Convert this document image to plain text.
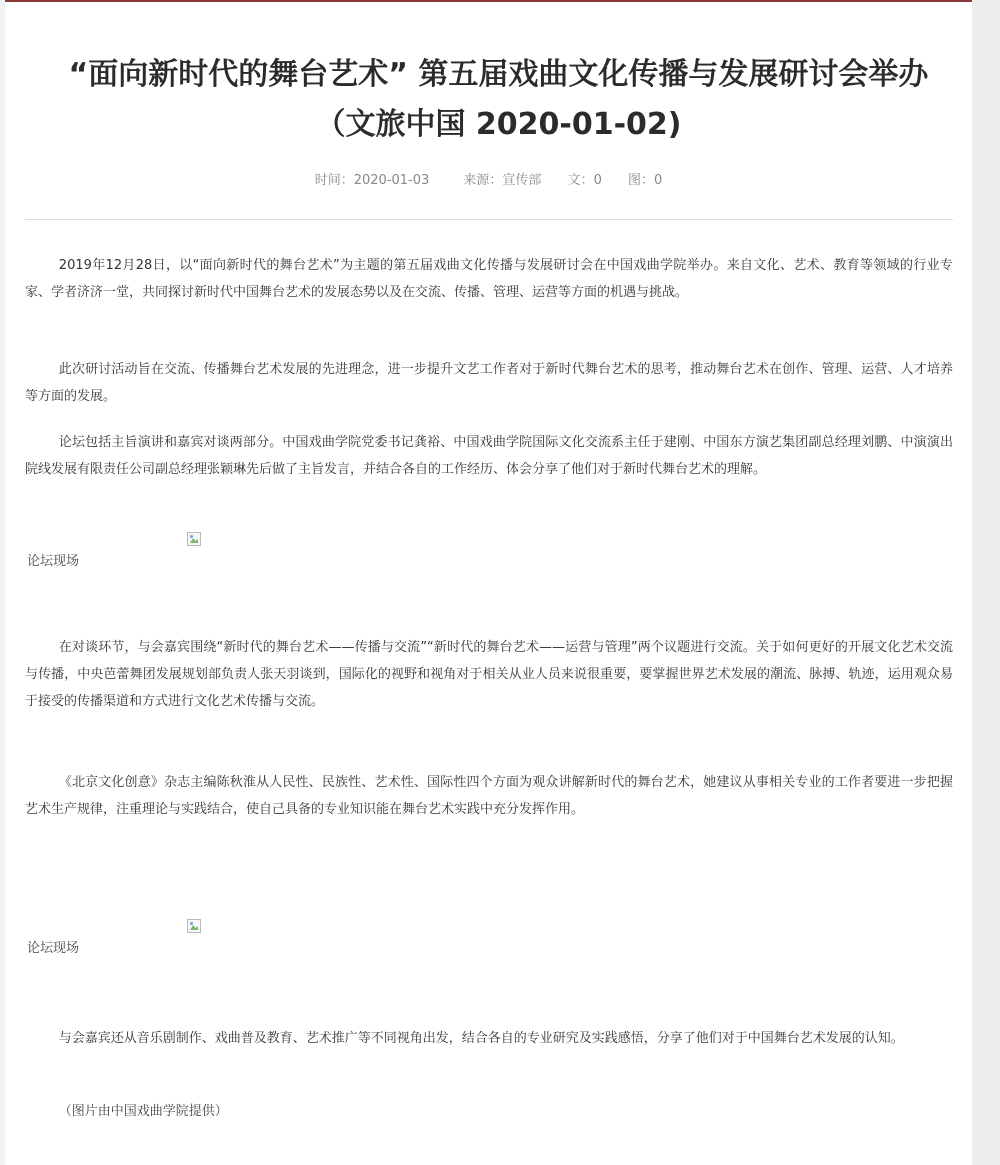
“面向新时代的舞台艺术” 第五届戏曲文化传播与发展研讨会举办（文旅中国 2020-01-02)
时间：2020-01-03	来源：宣传部 文：0 图：0

2019年12月28日，以“面向新时代的舞台艺术”为主题的第五届戏曲文化传播与发展研讨会在中国戏曲学院举办。来自文化、艺术、教育等领域的行业专家、学者济济一堂，共同探讨新时代中国舞台艺术的发展态势以及在交流、传播、管理、运营等方面的机遇与挑战。

此次研讨活动旨在交流、传播舞台艺术发展的先进理念，进一步提升文艺工作者对于新时代舞台艺术的思考，推动舞台艺术在创作、管理、运营、人才培养等方面的发展。

论坛包括主旨演讲和嘉宾对谈两部分。中国戏曲学院党委书记龚裕、中国戏曲学院国际文化交流系主任于建刚、中国东方演艺集团副总经理刘鹏、中演演出院线发展有限责任公司副总经理张颖琳先后做了主旨发言，并结合各自的工作经历、体会分享了他们对于新时代舞台艺术的理解。

论坛现场

在对谈环节，与会嘉宾围绕“新时代的舞台艺术——传播与交流”“新时代的舞台艺术——运营与管理”两个议题进行交流。关于如何更好的开展文化艺术交流与传播，中央芭蕾舞团发展规划部负责人张天羽谈到，国际化的视野和视角对于相关从业人员来说很重要，要掌握世界艺术发展的潮流、脉搏、轨迹，运用观众易于接受的传播渠道和方式进行文化艺术传播与交流。

《北京文化创意》杂志主编陈秋淮从人民性、民族性、艺术性、国际性四个方面为观众讲解新时代的舞台艺术，她建议从事相关专业的工作者要进一步把握艺术生产规律，注重理论与实践结合，使自己具备的专业知识能在舞台艺术实践中充分发挥作用。

论坛现场

与会嘉宾还从音乐剧制作、戏曲普及教育、艺术推广等不同视角出发，结合各自的专业研究及实践感悟，分享了他们对于中国舞台艺术发展的认知。

（图片由中国戏曲学院提供）
